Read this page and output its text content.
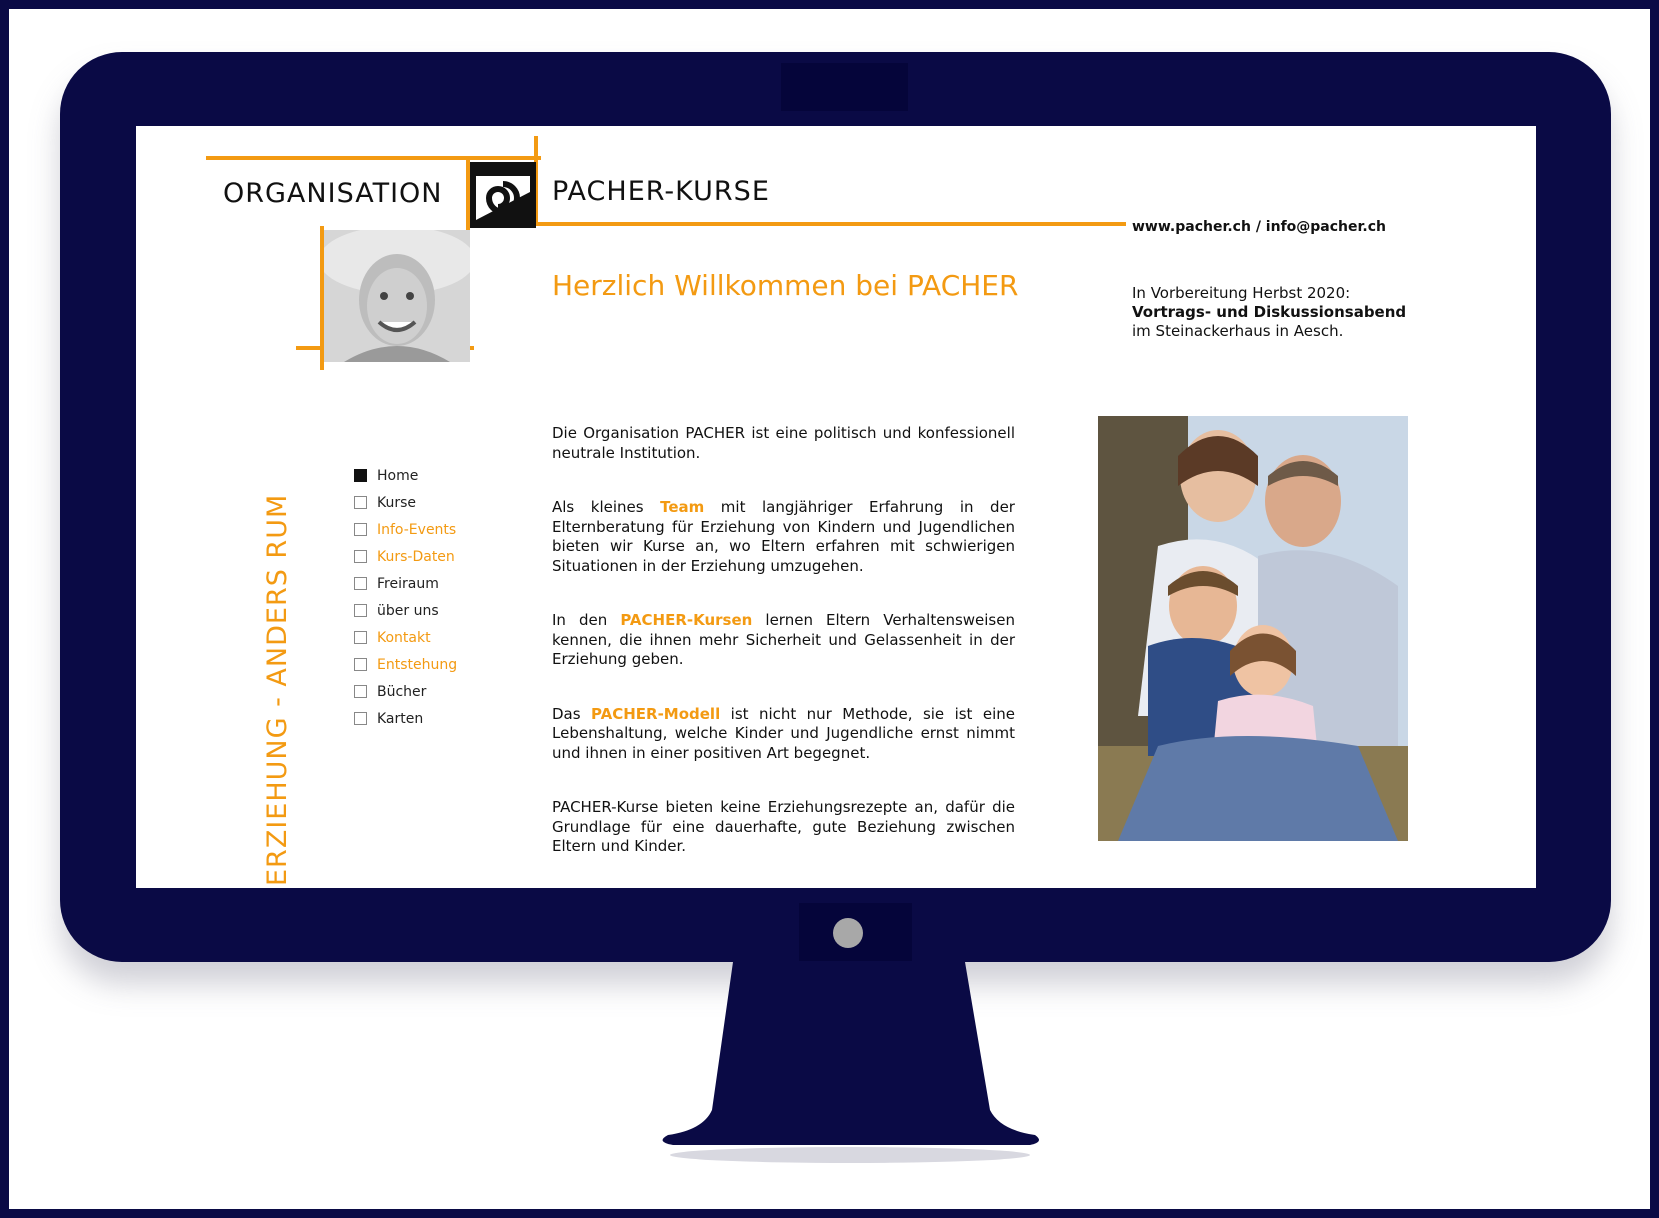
ORGANISATION	PACHER-KURSE
www.pacher.ch / info@pacher.ch
Herzlich Willkommen bei PACHER	In Vorbereitung Herbst 2020:
Vortrags- und Diskussionsabend
im Steinackerhaus in Aesch.
ERZIEHUNG - ANDERS RUM
Home
Kurse
Info-Events
Kurs-Daten
Freiraum
über uns
Kontakt
Entstehung
Bücher
Karten

Die Organisation PACHER ist eine politisch und konfessionell neutrale Institution.

Als kleines Team mit langjähriger Erfahrung in der Elternberatung für Erziehung von Kindern und Jugendlichen bieten wir Kurse an, wo Eltern erfahren mit schwierigen Situationen in der Erziehung umzugehen.

In den PACHER-Kursen lernen Eltern Verhaltensweisen kennen, die ihnen mehr Sicherheit und Gelassenheit in der Erziehung geben.

Das PACHER-Modell ist nicht nur Methode, sie ist eine Lebenshaltung, welche Kinder und Jugendliche ernst nimmt und ihnen in einer positiven Art begegnet.

PACHER-Kurse bieten keine Erziehungsrezepte an, dafür die Grundlage für eine dauerhafte, gute Beziehung zwischen Eltern und Kinder.
